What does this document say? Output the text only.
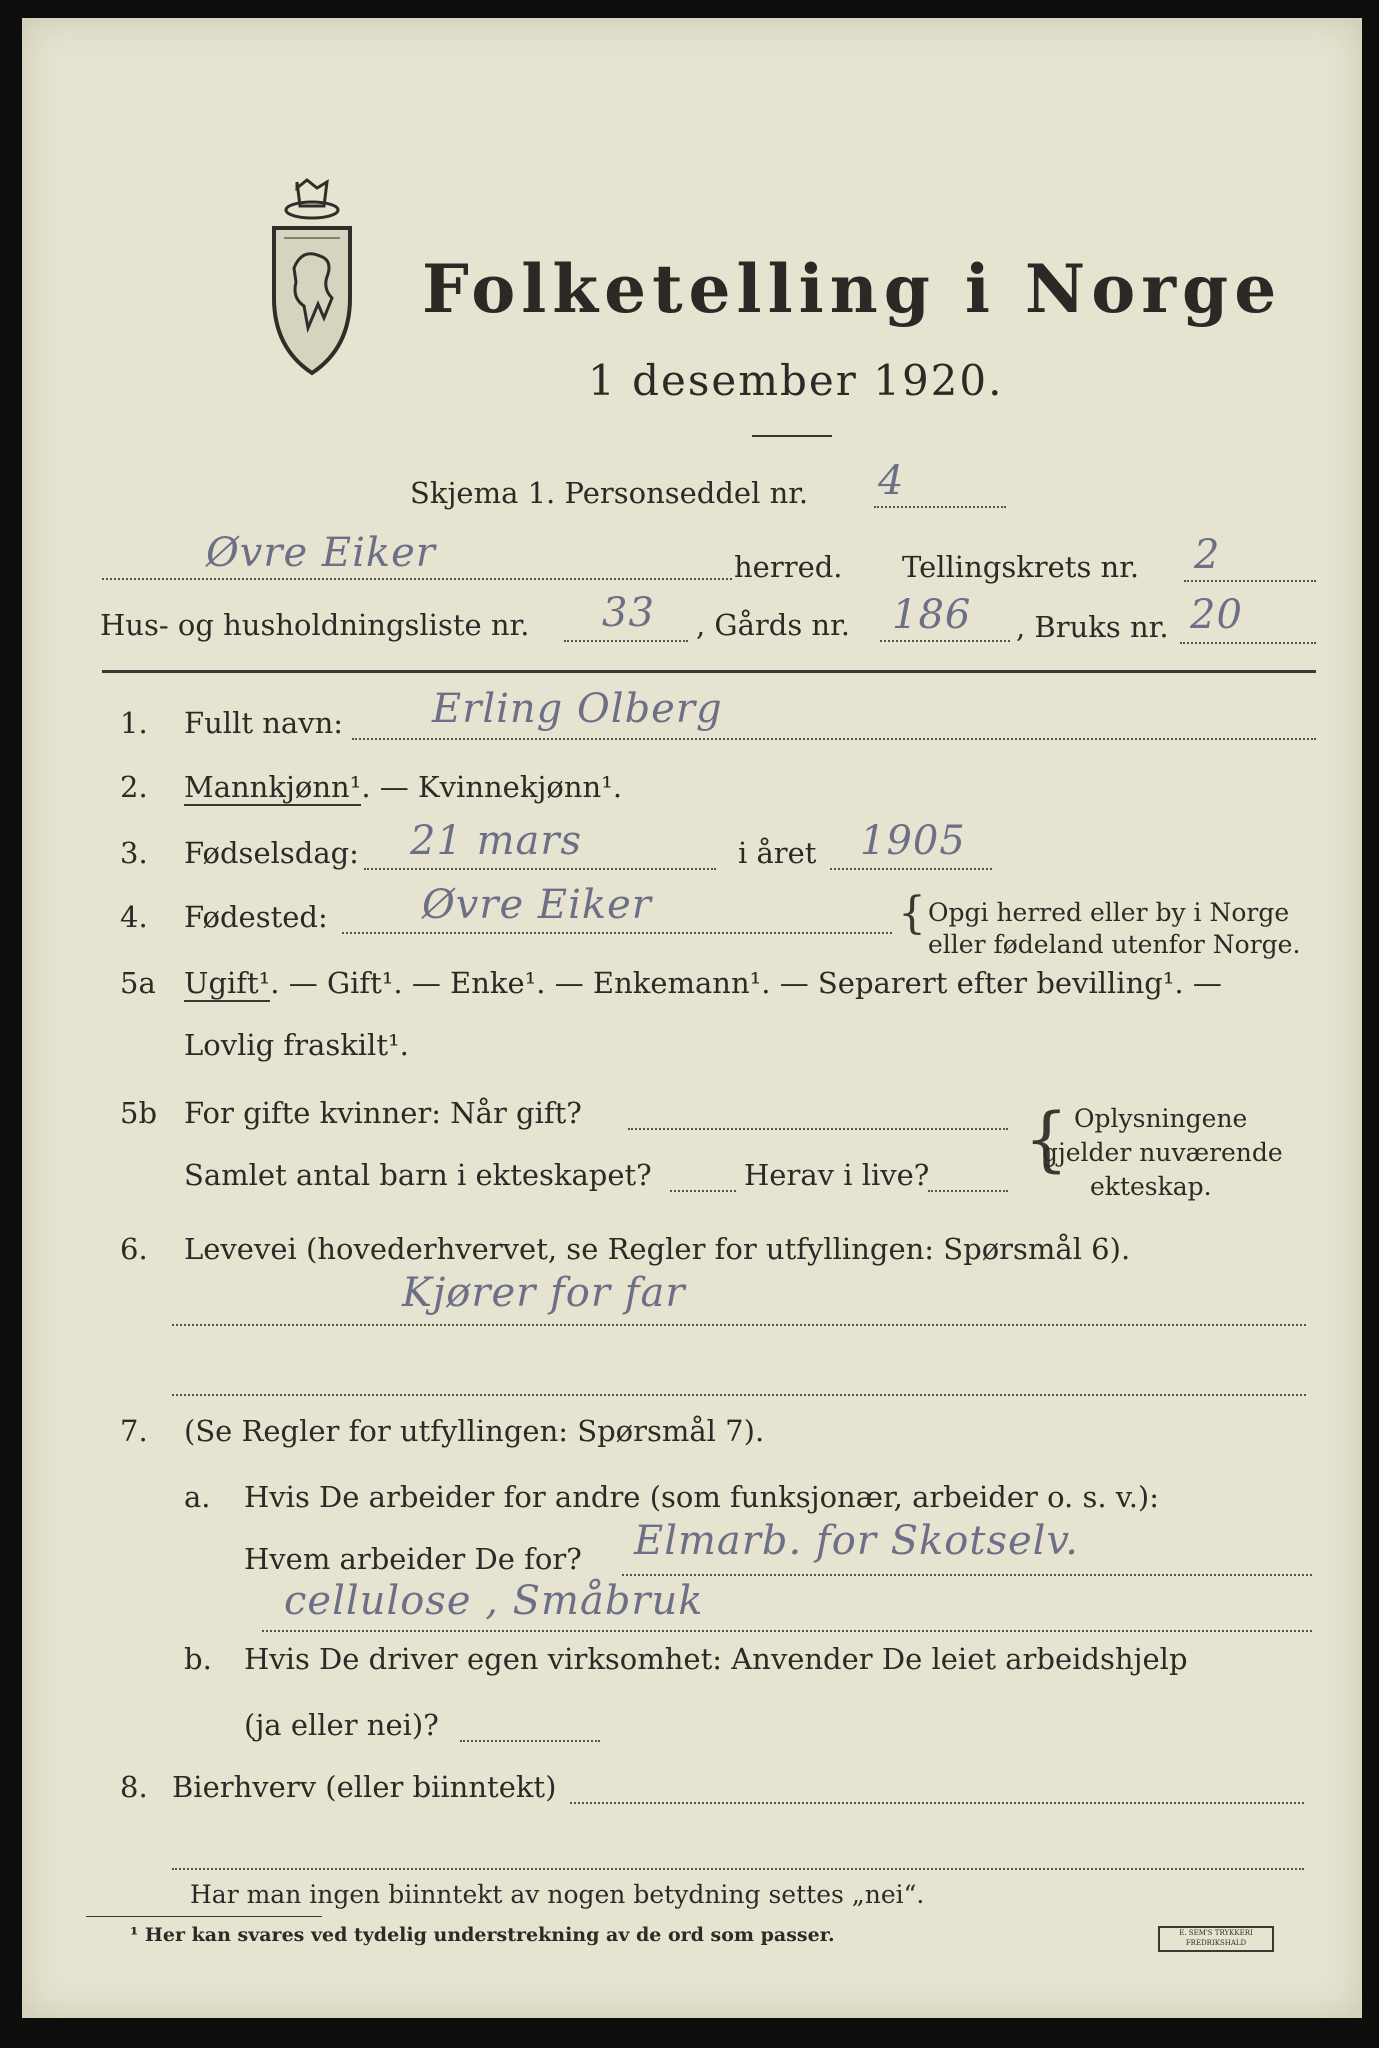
Folketelling i Norge
1 desember 1920.
Skjema 1. Personseddel nr. 4
Øvre Eiker	herred. Tellingskrets nr. 2
Hus- og husholdningsliste nr. 33 , Gårds nr. 186 , Bruks nr. 20
1. Fullt navn: Erling Olberg
2. Mannkjønn¹. — Kvinnekjønn¹.
3. Fødselsdag: 21 mars	i året 1905
4. Fødested: Øvre Eiker	{ Opgi herred eller by i Norge
eller fødeland utenfor Norge.
5a Ugift¹. — Gift¹. — Enke¹. — Enkemann¹. — Separert efter bevilling¹. —
Lovlig fraskilt¹.
5b For gifte kvinner: Når gift?
Samlet antal barn i ekteskapet?	Herav i live? { Oplysningene
gjelder nuværende
ekteskap.
6. Levevei (hovederhvervet, se Regler for utfyllingen: Spørsmål 6).
Kjører for far
7. (Se Regler for utfyllingen: Spørsmål 7).
a. Hvis De arbeider for andre (som funksjonær, arbeider o. s. v.):
Hvem arbeider De for? Elmarb. for Skotselv.
cellulose , Småbruk
b. Hvis De driver egen virksomhet: Anvender De leiet arbeidshjelp
(ja eller nei)?
8. Bierhverv (eller biinntekt)
Har man ingen biinntekt av nogen betydning settes „nei“.
¹ Her kan svares ved tydelig understrekning av de ord som passer.	E. SEM'S TRYKKERI
FREDRIKSHALD
